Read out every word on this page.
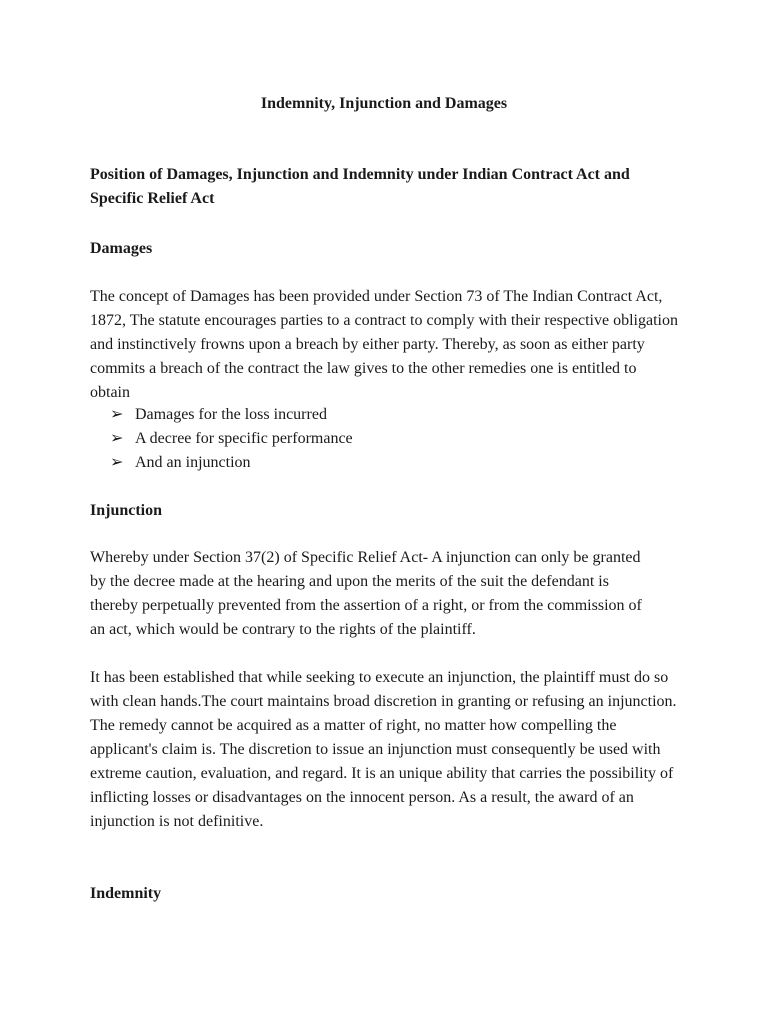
Indemnity, Injunction and Damages

Position of Damages, Injunction and Indemnity under Indian Contract Act and Specific Relief Act

Damages

The concept of Damages has been provided under Section 73 of The Indian Contract Act, 1872, The statute encourages parties to a contract to comply with their respective obligation and instinctively frowns upon a breach by either party. Thereby, as soon as either party commits a breach of the contract the law gives to the other remedies one is entitled to obtain

➢ Damages for the loss incurred
➢ A decree for specific performance
➢ And an injunction

Injunction

Whereby under Section 37(2) of Specific Relief Act- A injunction can only be granted by the decree made at the hearing and upon the merits of the suit the defendant is thereby perpetually prevented from the assertion of a right, or from the commission of an act, which would be contrary to the rights of the plaintiff.

It has been established that while seeking to execute an injunction, the plaintiff must do so with clean hands.The court maintains broad discretion in granting or refusing an injunction. The remedy cannot be acquired as a matter of right, no matter how compelling the applicant's claim is. The discretion to issue an injunction must consequently be used with extreme caution, evaluation, and regard. It is an unique ability that carries the possibility of inflicting losses or disadvantages on the innocent person. As a result, the award of an injunction is not definitive.

Indemnity
